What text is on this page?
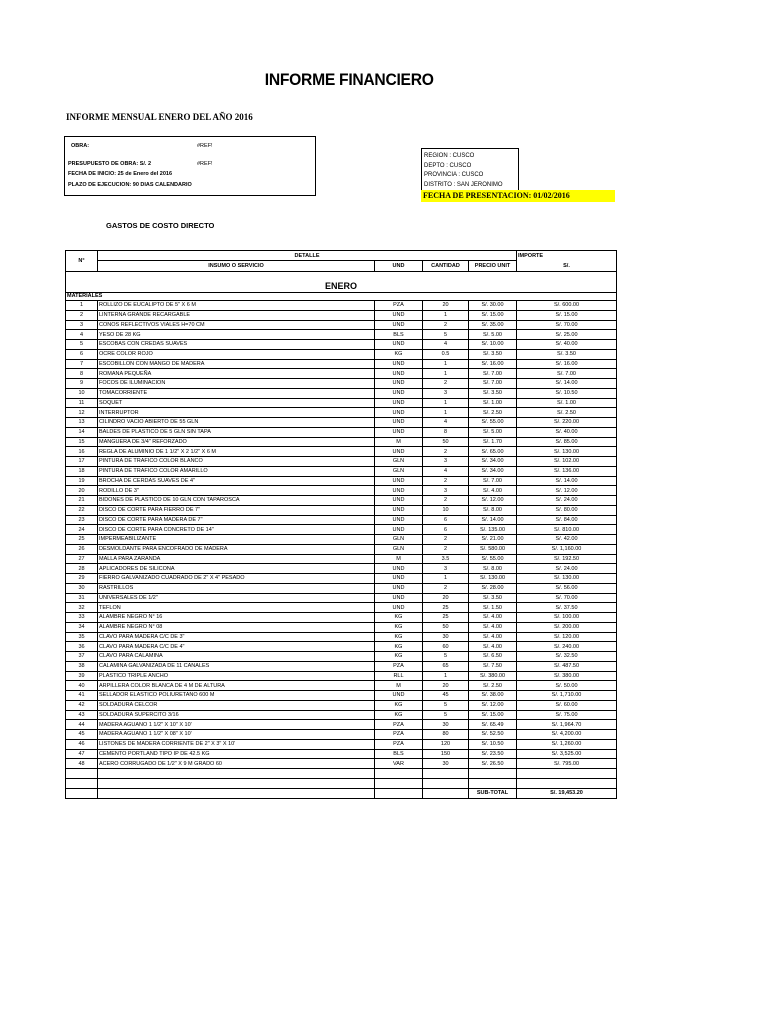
INFORME FINANCIERO
INFORME MENSUAL ENERO DEL AÑO 2016
OBRA:	#REF!
PRESUPUESTO DE OBRA: S/. 2	#REF!
FECHA DE INICIO: 25 de Enero del 2016
PLAZO DE EJECUCION: 90 DIAS CALENDARIO
REGION : CUSCO
DEPTO : CUSCO
PROVINCIA : CUSCO
DISTRITO : SAN JERONIMO
FECHA DE PRESENTACION: 01/02/2016
GASTOS DE COSTO DIRECTO
N°	DETALLE				IMPORTE
	INSUMO O SERVICIO	UND	CANTIDAD	PRECIO UNIT	S/.

ENERO					
MATERIALES					
1	ROLLIZO DE EUCALIPTO DE 5" X 6 M	PZA	20	S/. 30.00	S/. 600.00
2	LINTERNA GRANDE RECARGABLE	UND	1	S/. 15.00	S/. 15.00
3	CONOS REFLECTIVOS VIALES H=70 CM	UND	2	S/. 35.00	S/. 70.00
4	YESO DE 28 KG	BLS	5	S/. 5.00	S/. 25.00
5	ESCOBAS CON CREDAS SUAVES	UND	4	S/. 10.00	S/. 40.00
6	OCRE COLOR ROJO	KG	0.5	S/. 3.50	S/. 3.50
7	ESCOBILLON CON MANGO DE MADERA	UND	1	S/. 16.00	S/. 16.00
8	ROMANA PEQUEÑA	UND	1	S/. 7.00	S/. 7.00
9	FOCOS DE ILUMINACION	UND	2	S/. 7.00	S/. 14.00
10	TOMACORRIENTE	UND	3	S/. 3.50	S/. 10.50
11	SOQUET	UND	1	S/. 1.00	S/. 1.00
12	INTERRUPTOR	UND	1	S/. 2.50	S/. 2.50
13	CILINDRO VACIO ABIERTO DE 55 GLN	UND	4	S/. 55.00	S/. 220.00
14	BALDES DE PLASTICO DE 5 GLN SIN TAPA	UND	8	S/. 5.00	S/. 40.00
15	MANGUERA DE 3/4" REFORZADO	M	50	S/. 1.70	S/. 85.00
16	REGLA DE ALUMINIO DE 1 1/2" X 2 1/2" X 6 M	UND	2	S/. 65.00	S/. 130.00
17	PINTURA DE TRAFICO COLOR BLANCO	GLN	3	S/. 34.00	S/. 102.00
18	PINTURA DE TRAFICO COLOR AMARILLO	GLN	4	S/. 34.00	S/. 136.00
19	BROCHA DE CERDAS SUAVES DE 4"	UND	2	S/. 7.00	S/. 14.00
20	RODILLO DE 3"	UND	3	S/. 4.00	S/. 12.00
21	BIDONES DE PLASTICO DE 10 GLN CON TAPAROSCA	UND	2	S/. 12.00	S/. 24.00
22	DISCO DE CORTE PARA FIERRO DE 7"	UND	10	S/. 8.00	S/. 80.00
23	DISCO DE CORTE PARA MADERA DE 7"	UND	6	S/. 14.00	S/. 84.00
24	DISCO DE CORTE PARA CONCRETO DE 14"	UND	6	S/. 135.00	S/. 810.00
25	IMPERMEABILIZANTE	GLN	2	S/. 21.00	S/. 42.00
26	DESMOLDANTE PARA ENCOFRADO DE MADERA	GLN	2	S/. 580.00	S/. 1,160.00
27	MALLA PARA ZARANDA	M	3.5	S/. 55.00	S/. 192.50
28	APLICADORES DE SILICONA	UND	3	S/. 8.00	S/. 24.00
29	FIERRO GALVANIZADO CUADRADO DE 2" X 4" PESADO	UND	1	S/. 130.00	S/. 130.00
30	RASTRILLOS	UND	2	S/. 28.00	S/. 56.00
31	UNIVERSALES DE 1/2"	UND	20	S/. 3.50	S/. 70.00
32	TEFLON	UND	25	S/. 1.50	S/. 37.50
33	ALAMBRE NEGRO N° 16	KG	25	S/. 4.00	S/. 100.00
34	ALAMBRE NEGRO N° 08	KG	50	S/. 4.00	S/. 200.00
35	CLAVO PARA MADERA C/C DE 3"	KG	30	S/. 4.00	S/. 120.00
36	CLAVO PARA MADERA C/C DE 4"	KG	60	S/. 4.00	S/. 240.00
37	CLAVO PARA CALAMINA	KG	5	S/. 6.50	S/. 32.50
38	CALAMINA GALVANIZADA DE 11 CANALES	PZA	65	S/. 7.50	S/. 487.50
39	PLASTICO TRIPLE ANCHO	RLL	1	S/. 380.00	S/. 380.00
40	ARPILLERA COLOR BLANCA DE 4 M DE ALTURA	M	20	S/. 2.50	S/. 50.00
41	SELLADOR ELASTICO POLIURETANO 600 M	UND	45	S/. 38.00	S/. 1,710.00
42	SOLDADURA CELCOR	KG	5	S/. 12.00	S/. 60.00
43	SOLDADURA SUPERCITO 3/16	KG	5	S/. 15.00	S/. 75.00
44	MADERA AGUANO 1 1/2" X 10" X 10'	PZA	30	S/. 65.49	S/. 1,964.70
45	MADERA AGUANO 1 1/2" X 08" X 10'	PZA	80	S/. 52.50	S/. 4,200.00
46	LISTONES DE MADERA CORRIENTE DE 2" X 3" X 10'	PZA	120	S/. 10.50	S/. 1,260.00
47	CEMENTO PORTLAND TIPO IP DE 42.5 KG	BLS	150	S/. 23.50	S/. 3,525.00
48	ACERO CORRUGADO DE 1/2" X 9 M GRADO 60	VAR	30	S/. 26.50	S/. 795.00

				SUB-TOTAL	S/. 19,453.20
